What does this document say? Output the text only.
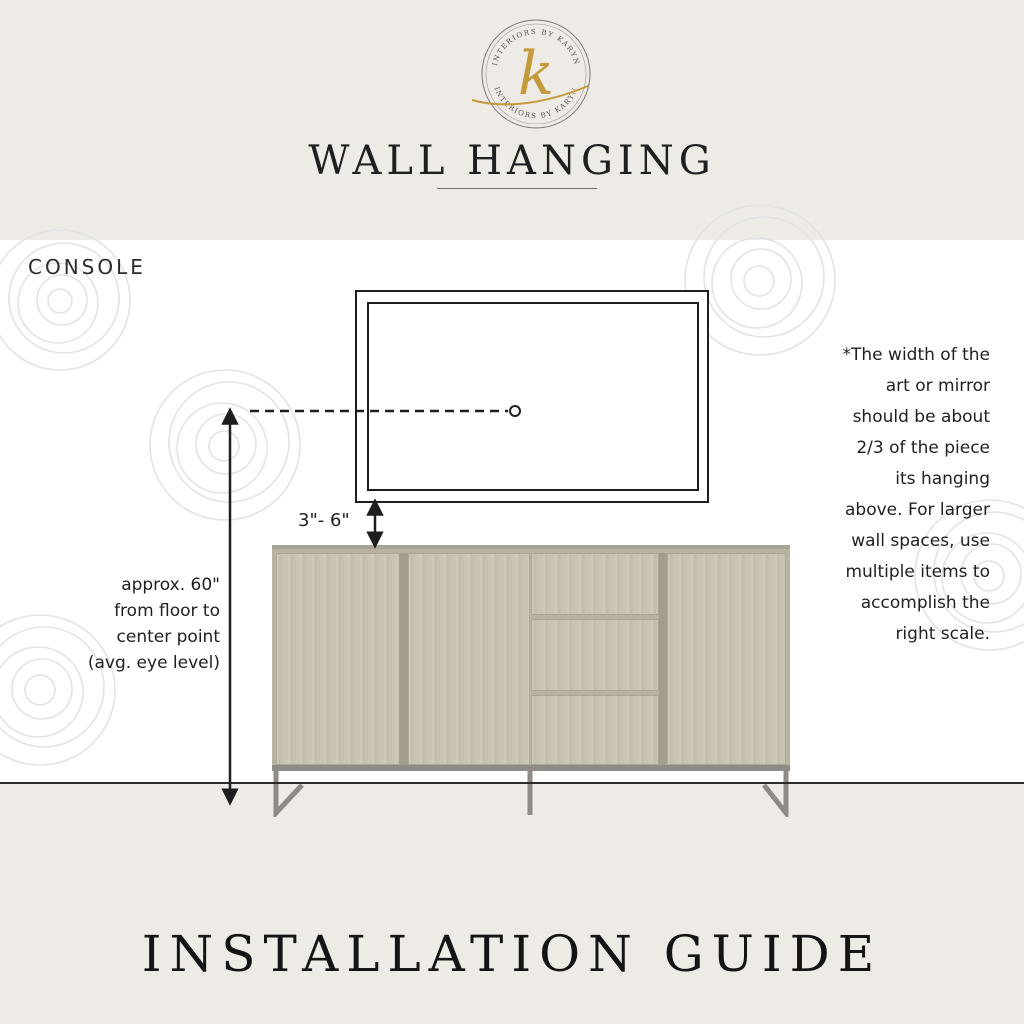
INTERIORS BY KARYN
INTERIORS BY KARYN
k
WALL HANGING
CONSOLE
3"- 6"
approx. 60"
from floor to
center point
(avg. eye level)
*The width of the
art or mirror
should be about
2/3 of the piece
its hanging
above. For larger
wall spaces, use
multiple items to
accomplish the
right scale.
INSTALLATION GUIDE
